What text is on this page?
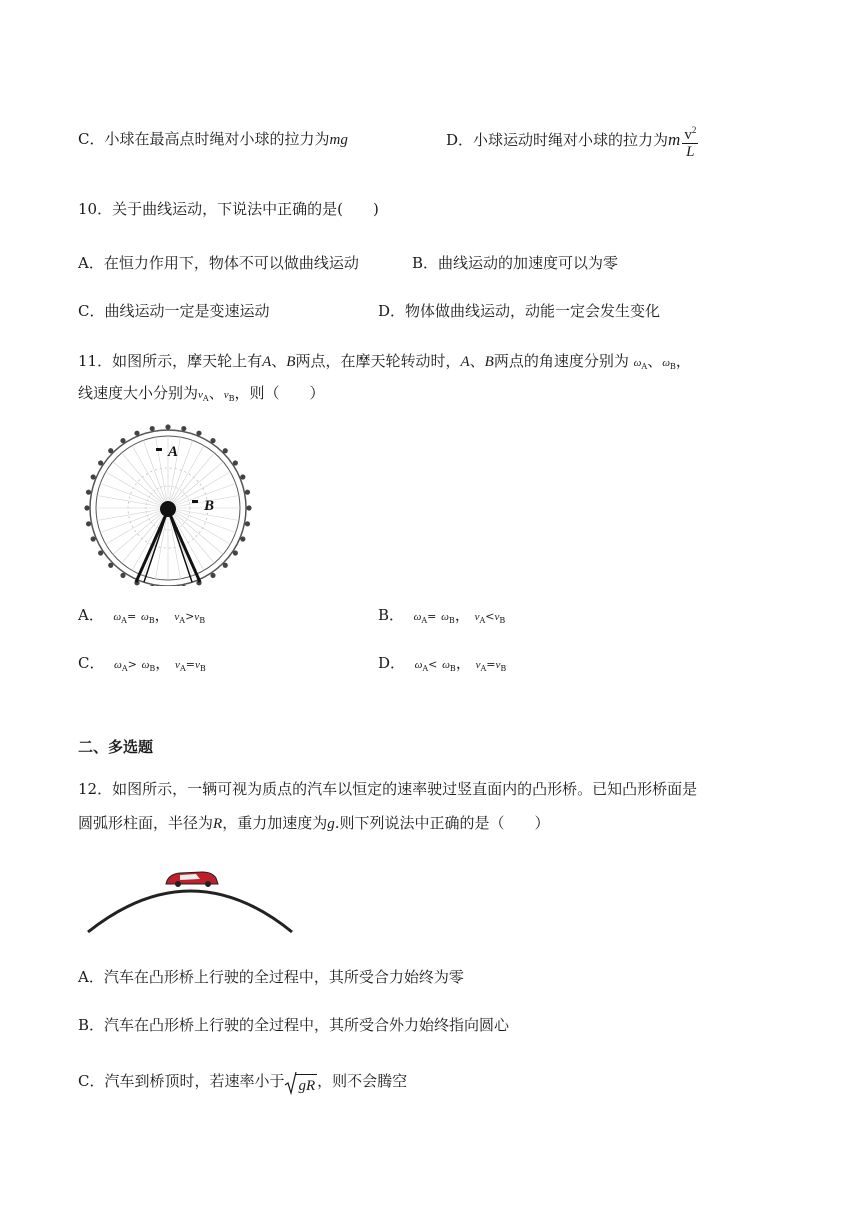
C．小球在最高点时绳对小球的拉力为mg	D．小球运动时绳对小球的拉力为m $\frac{v^2}{L}$
10．关于曲线运动，下说法中正确的是(　　)
A．在恒力作用下，物体不可以做曲线运动	B．曲线运动的加速度可以为零
C．曲线运动一定是变速运动	D．物体做曲线运动，动能一定会发生变化
11．如图所示，摩天轮上有A、B两点，在摩天轮转动时，A、B两点的角速度分别为 $\omega_A$、$\omega_B$，
线速度大小分别为$v_A$、$v_B$，则（　　）
A
B
A． $\omega_A= \omega_B$， $v_A>v_B$	B． $\omega_A= \omega_B$， $v_A<v_B$
C． $\omega_A> \omega_B$， $v_A=v_B$	D． $\omega_A< \omega_B$， $v_A=v_B$
二、多选题
12．如图所示，一辆可视为质点的汽车以恒定的速率驶过竖直面内的凸形桥。已知凸形桥面是
圆弧形柱面，半径为R，重力加速度为g.则下列说法中正确的是（　　）
A．汽车在凸形桥上行驶的全过程中，其所受合力始终为零
B．汽车在凸形桥上行驶的全过程中，其所受合外力始终指向圆心
C．汽车到桥顶时，若速率小于 gR ，则不会腾空
